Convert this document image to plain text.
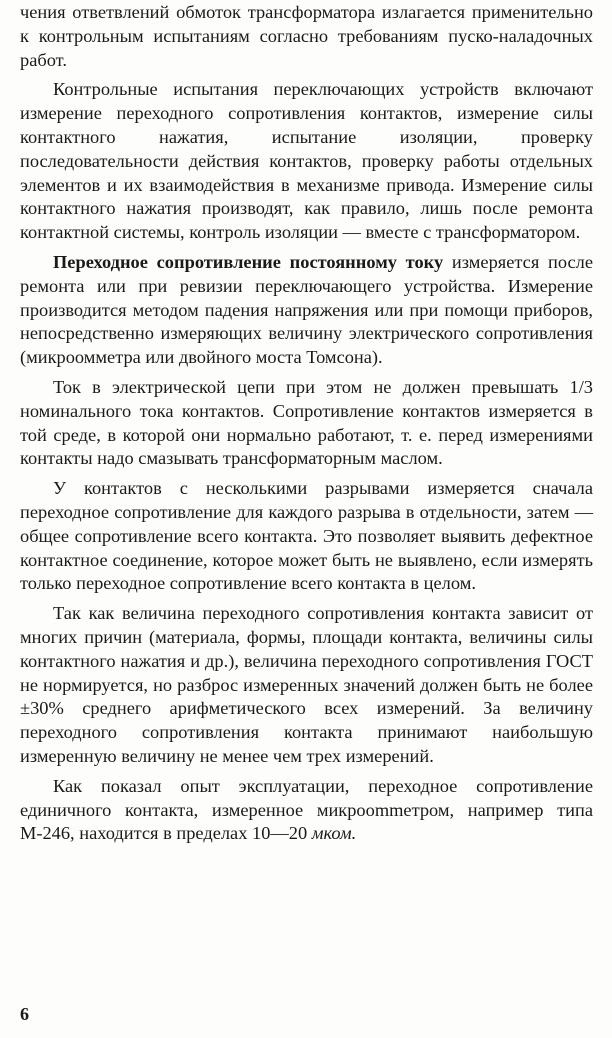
чения ответвлений обмоток трансформатора излагается применительно к контрольным испытаниям согласно требованиям пуско-наладочных работ.

Контрольные испытания переключающих устройств включают измерение переходного сопротивления контактов, измерение силы контактного нажатия, испытание изоляции, проверку последовательности действия контактов, проверку работы отдельных элементов и их взаимодействия в механизме привода. Измерение силы контактного нажатия производят, как правило, лишь после ремонта контактной системы, контроль изоляции — вместе с трансформатором.

Переходное сопротивление постоянному току измеряется после ремонта или при ревизии переключающего устройства. Измерение производится методом падения напряжения или при помощи приборов, непосредственно измеряющих величину электрического сопротивления (микроомметра или двойного моста Томсона).

Ток в электрической цепи при этом не должен превышать 1/3 номинального тока контактов. Сопротивление контактов измеряется в той среде, в которой они нормально работают, т. е. перед измерениями контакты надо смазывать трансформаторным маслом.

У контактов с несколькими разрывами измеряется сначала переходное сопротивление для каждого разрыва в отдельности, затем — общее сопротивление всего контакта. Это позволяет выявить дефектное контактное соединение, которое может быть не выявлено, если измерять только переходное сопротивление всего контакта в целом.

Так как величина переходного сопротивления контакта зависит от многих причин (материала, формы, площади контакта, величины силы контактного нажатия и др.), величина переходного сопротивления ГОСТ не нормируется, но разброс измеренных значений должен быть не более ±30% среднего арифметического всех измерений. За величину переходного сопротивления контакта принимают наибольшую измеренную величину не менее чем трех измерений.

Как показал опыт эксплуатации, переходное сопротивление единичного контакта, измеренное микроommетром, например типа М-246, находится в пределах 10—20 мком.

6
